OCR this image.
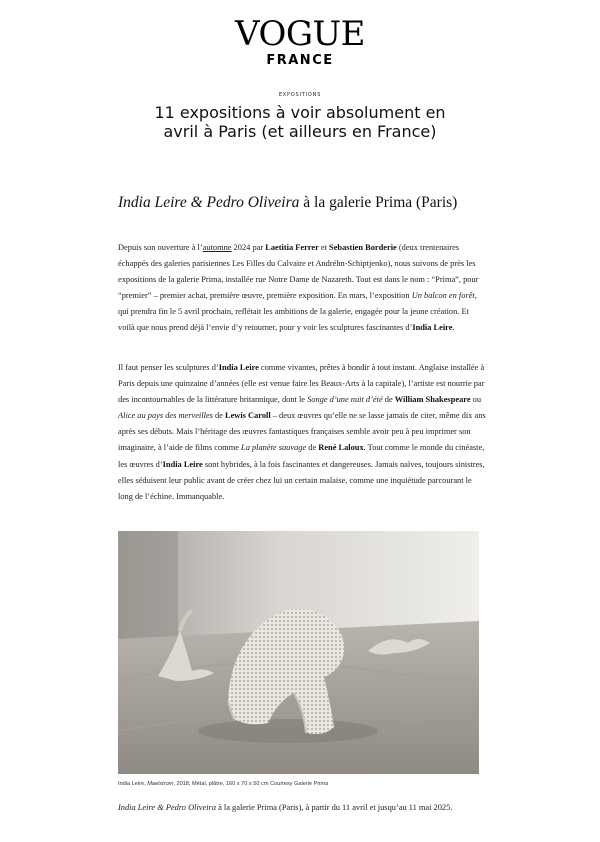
VOGUE
FRANCE
EXPOSITIONS
11 expositions à voir absolument en avril à Paris (et ailleurs en France)
India Leire & Pedro Oliveira à la galerie Prima (Paris)

Depuis son ouverture à l’automne 2024 par Laetitia Ferrer et Sebastien Borderie (deux trentenaires échappés des galeries parisiennes Les Filles du Calvaire et Andréhn-Schiptjenko), nous suivons de près les expositions de la galerie Prima, installée rue Notre Dame de Nazareth. Tout est dans le nom : “Prima”, pour “premier” – premier achat, première œuvre, première exposition. En mars, l’exposition Un balcon en forêt, qui prendra fin le 5 avril prochain, reflétait les ambitions de la galerie, engagée pour la jeune création. Et voilà que nous prend déjà l’envie d’y retourner, pour y voir les sculptures fascinantes d’India Leire.

Il faut penser les sculptures d’India Leire comme vivantes, prêtes à bondir à tout instant. Anglaise installée à Paris depuis une quinzaine d’années (elle est venue faire les Beaux-Arts à la capitale), l’artiste est nourrie par des incontournables de la littérature britannique, dont le Songe d’une nuit d’été de William Shakespeare ou Alice au pays des merveilles de Lewis Caroll – deux œuvres qu’elle ne se lasse jamais de citer, même dix ans après ses débuts. Mais l’héritage des œuvres fantastiques françaises semble avoir peu à peu imprimer son imaginaire, à l’aide de films comme La planète sauvage de René Laloux. Tout comme le monde du cinéaste, les œuvres d’India Leire sont hybrides, à la fois fascinantes et dangereuses. Jamais naïves, toujours sinistres, elles séduisent leur public avant de créer chez lui un certain malaise, comme une inquiétude parcourant le long de l’échine. Immanquable.

India Leire, Maelstrom, 2018, Métal, plâtre, 160 x 70 x 50 cm Courtesy Galerie Prima

India Leire & Pedro Oliveira à la galerie Prima (Paris), à partir du 11 avril et jusqu’au 11 mai 2025.
